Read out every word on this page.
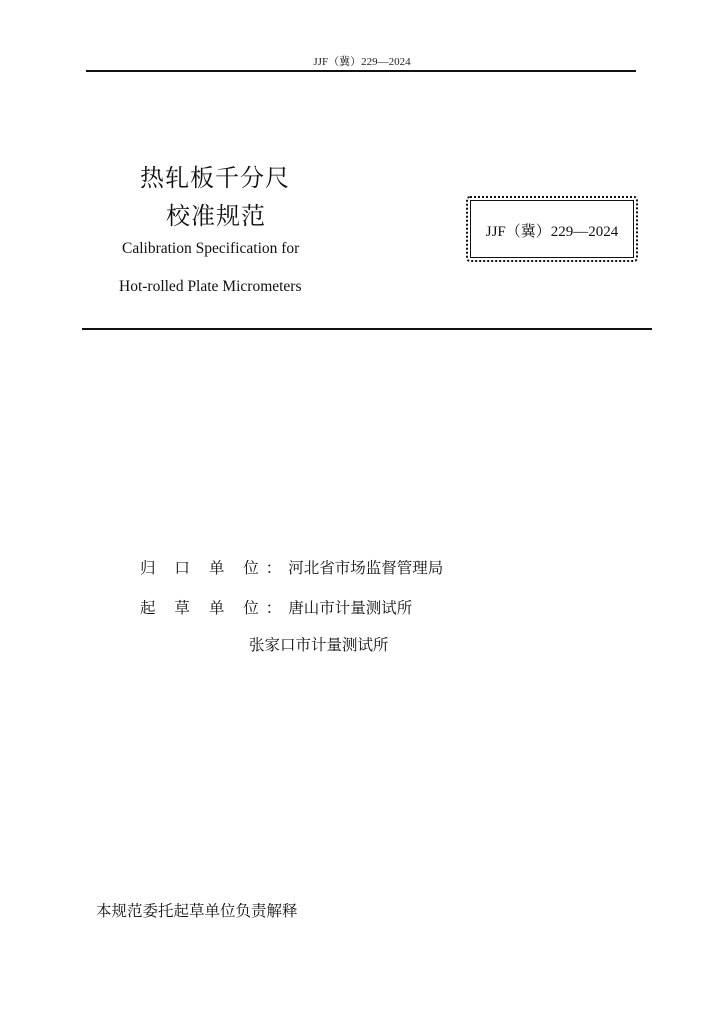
JJF（冀）229—2024
热轧板千分尺
校准规范
Calibration Specification for
Hot-rolled Plate Micrometers
JJF（冀）229—2024
归 口 单 位：河北省市场监督管理局
起 草 单 位：唐山市计量测试所
张家口市计量测试所
本规范委托起草单位负责解释
